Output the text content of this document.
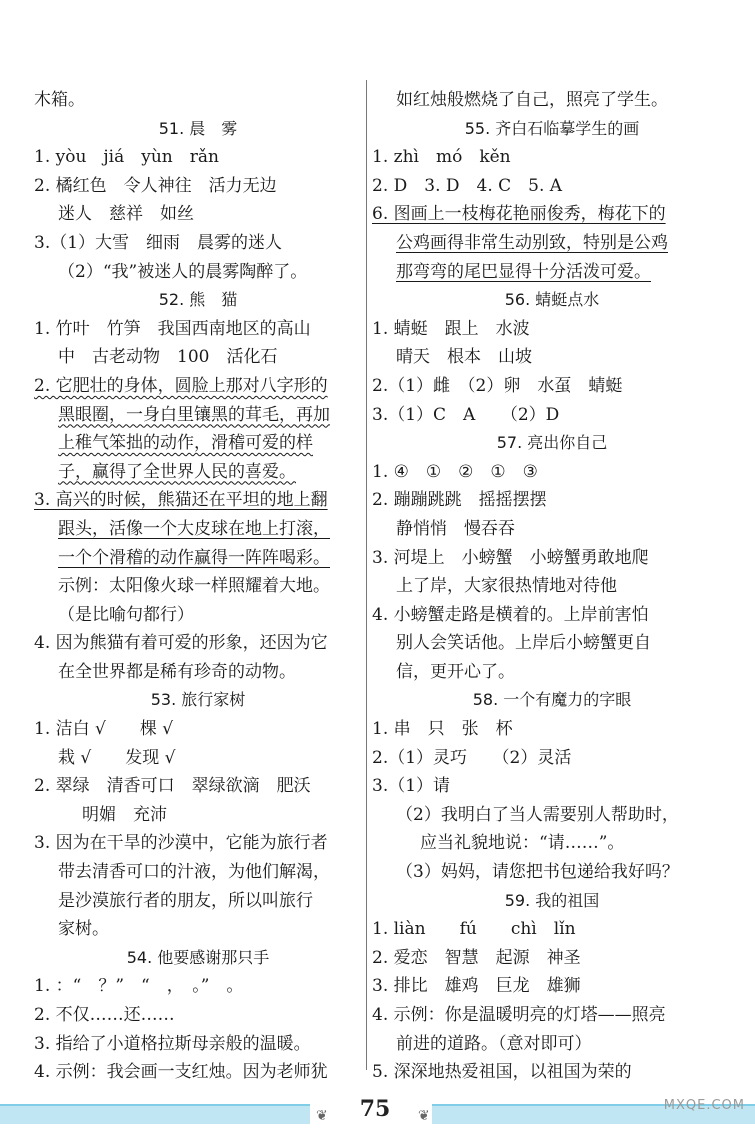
木箱。
51. 晨　雾
1. yòu　jiá　yùn　rǎn
2. 橘红色　令人神往　活力无边
迷人　慈祥　如丝
3.（1）大雪　细雨　晨雾的迷人
（2）“我”被迷人的晨雾陶醉了。
52. 熊　猫
1. 竹叶　竹笋　我国西南地区的高山
中　古老动物　100　活化石
2. 它肥壮的身体，圆脸上那对八字形的
黑眼圈，一身白里镶黑的茸毛，再加
上稚气笨拙的动作，滑稽可爱的样
子，赢得了全世界人民的喜爱。
3. 高兴的时候，熊猫还在平坦的地上翻
跟头，活像一个大皮球在地上打滚，
一个个滑稽的动作赢得一阵阵喝彩。
示例：太阳像火球一样照耀着大地。
（是比喻句都行）
4. 因为熊猫有着可爱的形象，还因为它
在全世界都是稀有珍奇的动物。
53. 旅行家树
1. 洁白 √　　棵 √
栽 √　　发现 √
2. 翠绿　清香可口　翠绿欲滴　肥沃
明媚　充沛
3. 因为在干旱的沙漠中，它能为旅行者
带去清香可口的汁液，为他们解渴，
是沙漠旅行者的朋友，所以叫旅行
家树。
54. 他要感谢那只手
1. ：“　？”　“　，　。”　。
2. 不仅……还……
3. 指给了小道格拉斯母亲般的温暖。
4. 示例：我会画一支红烛。因为老师犹
如红烛般燃烧了自己，照亮了学生。
55. 齐白石临摹学生的画
1. zhì　mó　kěn
2. D　3. D　4. C　5. A
6. 图画上一枝梅花艳丽俊秀，梅花下的
公鸡画得非常生动别致，特别是公鸡
那弯弯的尾巴显得十分活泼可爱。
56. 蜻蜓点水
1. 蜻蜓　跟上　水波
晴天　根本　山坡
2.（1）雌　（2）卵　水虿　蜻蜓
3.（1）C　A　　（2）D
57. 亮出你自己
1. ④　①　②　①　③
2. 蹦蹦跳跳　摇摇摆摆
静悄悄　慢吞吞
3. 河堤上　小螃蟹　小螃蟹勇敢地爬
上了岸，大家很热情地对待他
4. 小螃蟹走路是横着的。上岸前害怕
别人会笑话他。上岸后小螃蟹更自
信，更开心了。
58. 一个有魔力的字眼
1. 串　只　张　杯
2.（1）灵巧　　（2）灵活
3.（1）请
（2）我明白了当人需要别人帮助时，
应当礼貌地说：“请……”。
（3）妈妈，请您把书包递给我好吗？
59. 我的祖国
1. liàn　　fú　　chì　lǐn
2. 爱恋　智慧　起源　神圣
3. 排比　雄鸡　巨龙　雄狮
4. 示例：你是温暖明亮的灯塔——照亮
前进的道路。（意对即可）
5. 深深地热爱祖国，以祖国为荣的
❦	75	❦
MXQE.COM
